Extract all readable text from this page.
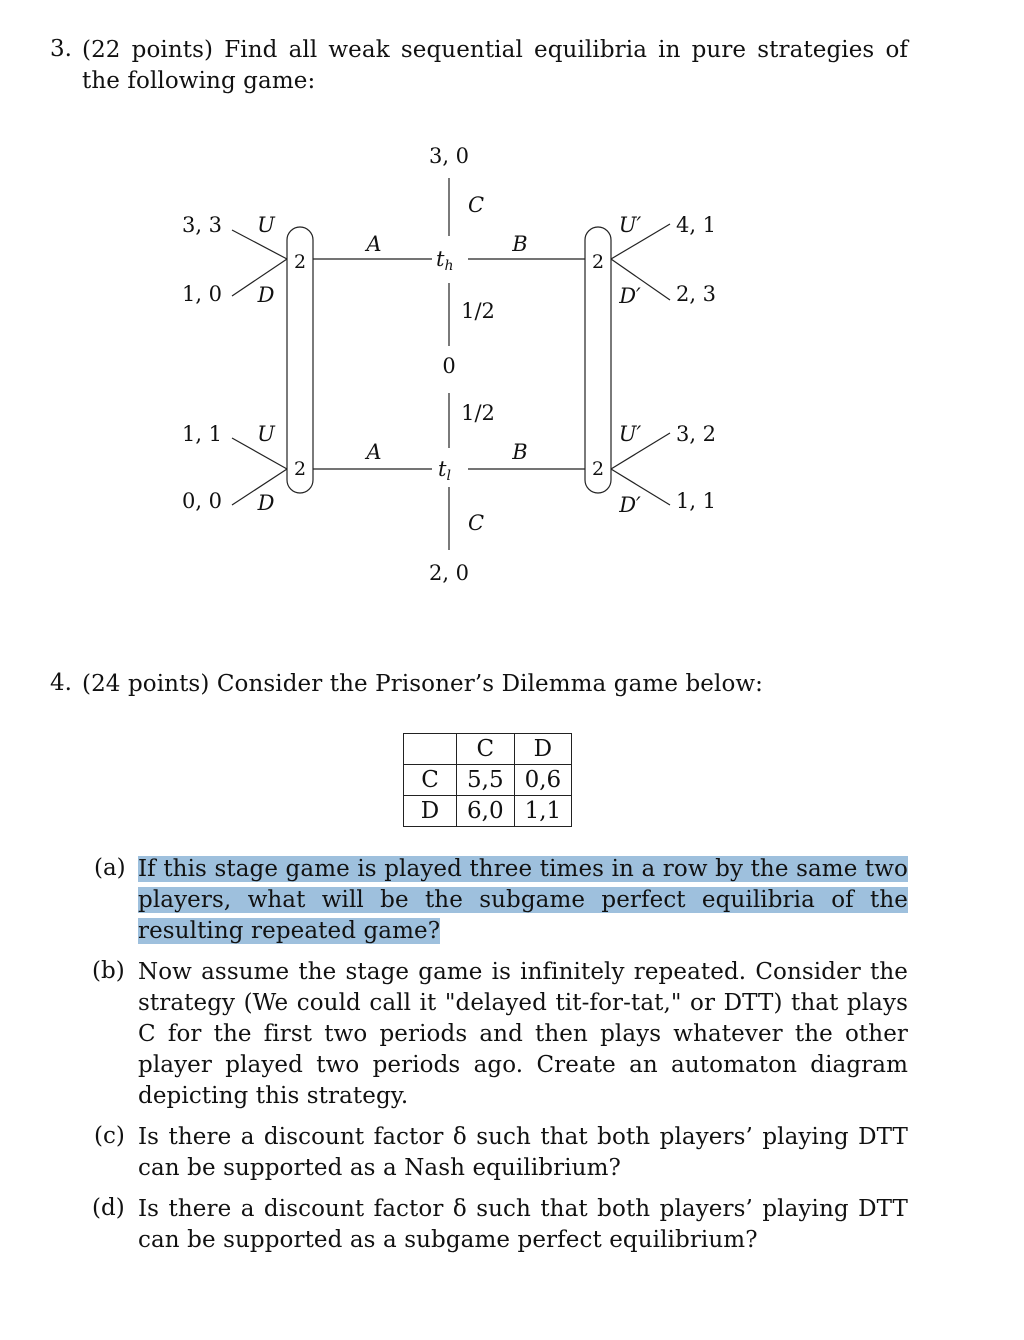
3. (22 points) Find all weak sequential equilibria in pure strategies of the following game:
3, 0
C
th
1/2
0
1/2
tl
C
2, 0
A	B
A	B
2
2
2
2
U
D
U
D
U′
D′
U′
D′
3, 3
1, 0
1, 1
0, 0
4, 1
2, 3
3, 2
1, 1
4. (24 points) Consider the Prisoner’s Dilemma game below:
	C	D
C	5,5	0,6
D	6,0	1,1
(a) If this stage game is played three times in a row by the same two players, what will be the subgame perfect equilibria of the resulting repeated game?
(b) Now assume the stage game is infinitely repeated. Consider the strategy (We could call it "delayed tit-for-tat," or DTT) that plays C for the first two periods and then plays whatever the other player played two periods ago. Create an automaton diagram depicting this strategy.
(c) Is there a discount factor δ such that both players’ playing DTT can be supported as a Nash equilibrium?
(d) Is there a discount factor δ such that both players’ playing DTT can be supported as a subgame perfect equilibrium?
